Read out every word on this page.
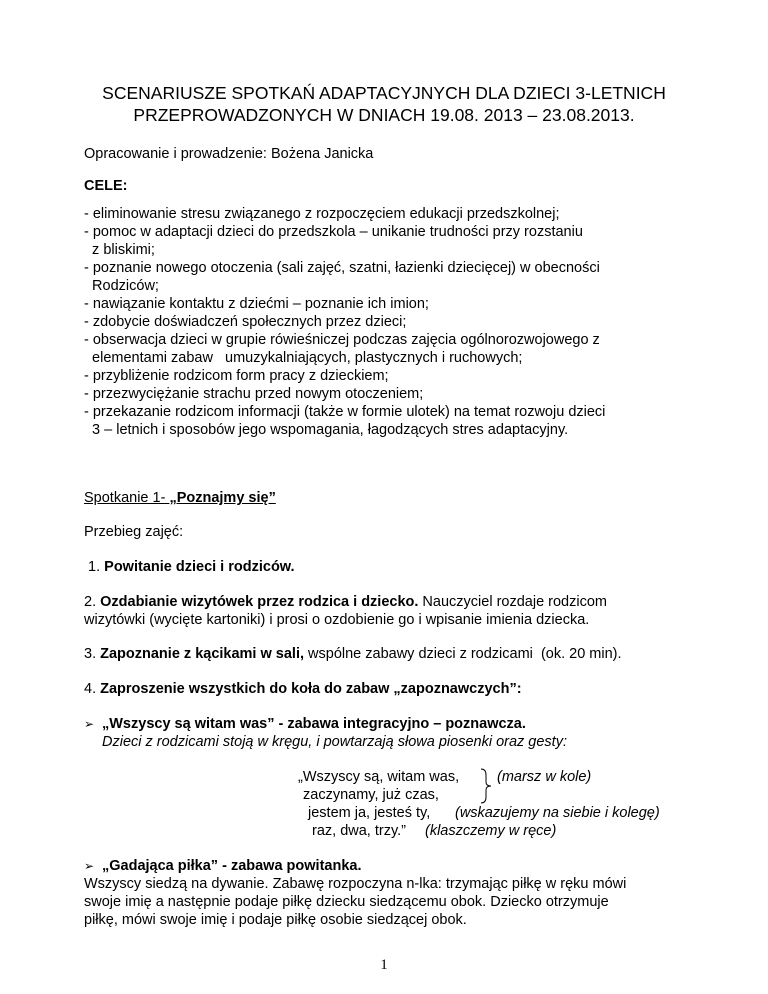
SCENARIUSZE SPOTKAŃ ADAPTACYJNYCH DLA DZIECI 3-LETNICH
PRZEPROWADZONYCH W DNIACH 19.08. 2013 – 23.08.2013.
Opracowanie i prowadzenie: Bożena Janicka
CELE:
- eliminowanie stresu związanego z rozpoczęciem edukacji przedszkolnej;
- pomoc w adaptacji dzieci do przedszkola – unikanie trudności przy rozstaniu
z bliskimi;
- poznanie nowego otoczenia (sali zajęć, szatni, łazienki dziecięcej) w obecności
Rodziców;
- nawiązanie kontaktu z dziećmi – poznanie ich imion;
- zdobycie doświadczeń społecznych przez dzieci;
- obserwacja dzieci w grupie rówieśniczej podczas zajęcia ogólnorozwojowego z
elementami zabaw   umuzykalniających, plastycznych i ruchowych;
- przybliżenie rodzicom form pracy z dzieckiem;
- przezwyciężanie strachu przed nowym otoczeniem;
- przekazanie rodzicom informacji (także w formie ulotek) na temat rozwoju dzieci
3 – letnich i sposobów jego wspomagania, łagodzących stres adaptacyjny.
Spotkanie 1- „Poznajmy się”
Przebieg zajęć:
1. Powitanie dzieci i rodziców.
2. Ozdabianie wizytówek przez rodzica i dziecko. Nauczyciel rozdaje rodzicom
wizytówki (wycięte kartoniki) i prosi o ozdobienie go i wpisanie imienia dziecka.
3. Zapoznanie z kącikami w sali, wspólne zabawy dzieci z rodzicami  (ok. 20 min).
4. Zaproszenie wszystkich do koła do zabaw „zapoznawczych”:
„Wszyscy są witam was” - zabawa integracyjno – poznawcza.
Dzieci z rodzicami stoją w kręgu, i powtarzają słowa piosenki oraz gesty:
„Wszyscy są, witam was,	(marsz w kole)
zaczynamy, już czas,
jestem ja, jesteś ty, (wskazujemy na siebie i kolegę)
raz, dwa, trzy.” (klaszczemy w ręce)
„Gadająca piłka” - zabawa powitanka.
Wszyscy siedzą na dywanie. Zabawę rozpoczyna n-lka: trzymając piłkę w ręku mówi
swoje imię a następnie podaje piłkę dziecku siedzącemu obok. Dziecko otrzymuje
piłkę, mówi swoje imię i podaje piłkę osobie siedzącej obok.
1
➢
➢
